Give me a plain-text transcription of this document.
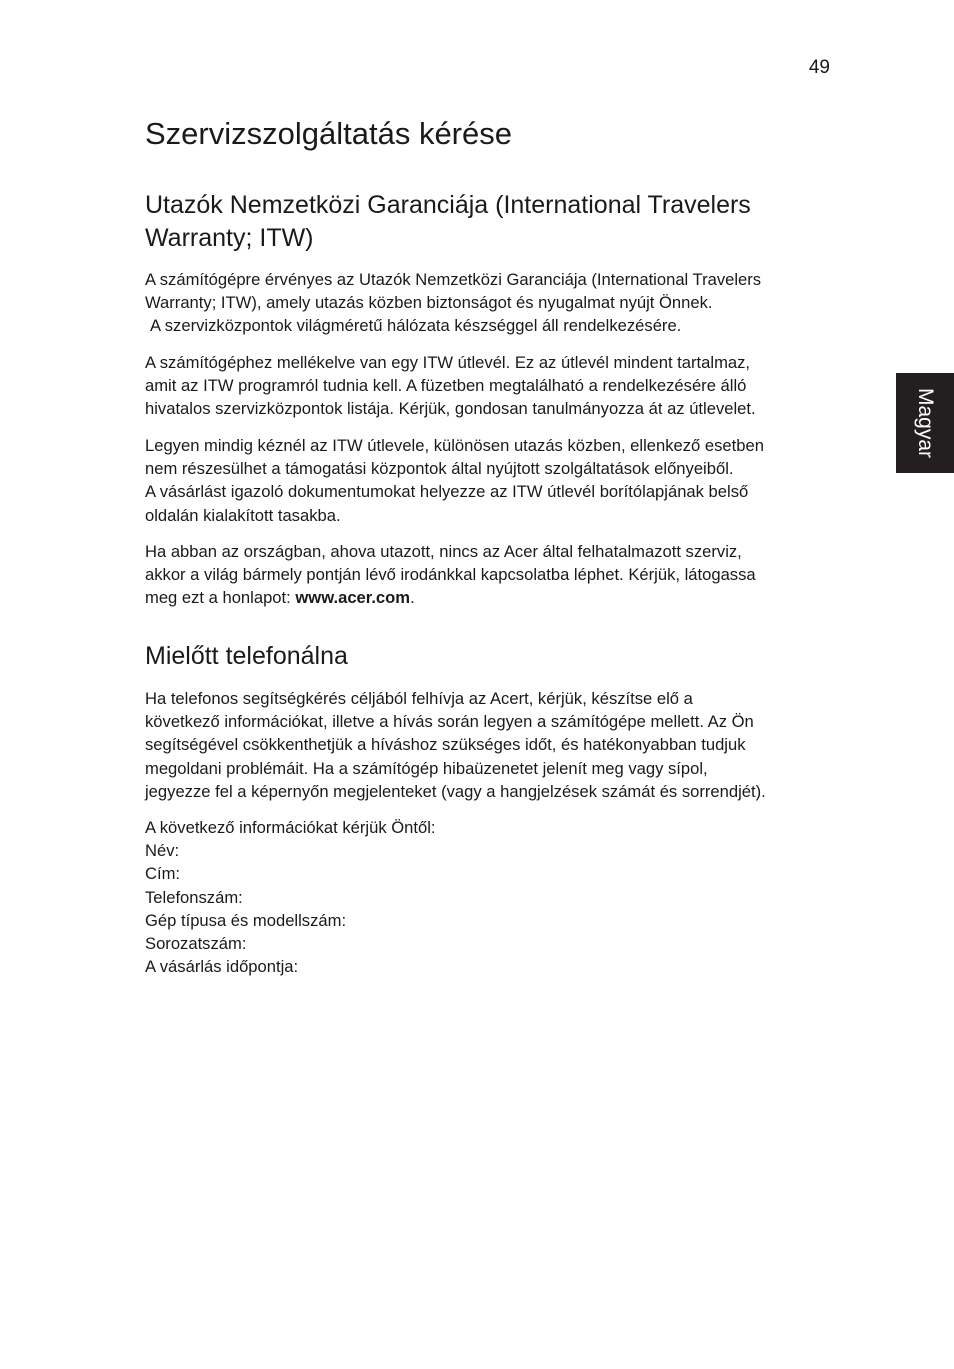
49
Magyar
Szervizszolgáltatás kérése
Utazók Nemzetközi Garanciája (International Travelers
Warranty; ITW)

A számítógépre érvényes az Utazók Nemzetközi Garanciája (International Travelers
Warranty; ITW), amely utazás közben biztonságot és nyugalmat nyújt Önnek.
A szervizközpontok világméretű hálózata készséggel áll rendelkezésére.

A számítógéphez mellékelve van egy ITW útlevél. Ez az útlevél mindent tartalmaz,
amit az ITW programról tudnia kell. A füzetben megtalálható a rendelkezésére álló
hivatalos szervizközpontok listája. Kérjük, gondosan tanulmányozza át az útlevelet.

Legyen mindig kéznél az ITW útlevele, különösen utazás közben, ellenkező esetben
nem részesülhet a támogatási központok által nyújtott szolgáltatások előnyeiből.
A vásárlást igazoló dokumentumokat helyezze az ITW útlevél borítólapjának belső
oldalán kialakított tasakba.

Ha abban az országban, ahova utazott, nincs az Acer által felhatalmazott szerviz,
akkor a világ bármely pontján lévő irodánkkal kapcsolatba léphet. Kérjük, látogassa
meg ezt a honlapot: www.acer.com.

Mielőtt telefonálna

Ha telefonos segítségkérés céljából felhívja az Acert, kérjük, készítse elő a
következő információkat, illetve a hívás során legyen a számítógépe mellett. Az Ön
segítségével csökkenthetjük a híváshoz szükséges időt, és hatékonyabban tudjuk
megoldani problémáit. Ha a számítógép hibaüzenetet jelenít meg vagy sípol,
jegyezze fel a képernyőn megjelenteket (vagy a hangjelzések számát és sorrendjét).

A következő információkat kérjük Öntől:
Név:
Cím:
Telefonszám:
Gép típusa és modellszám:
Sorozatszám:
A vásárlás időpontja:
